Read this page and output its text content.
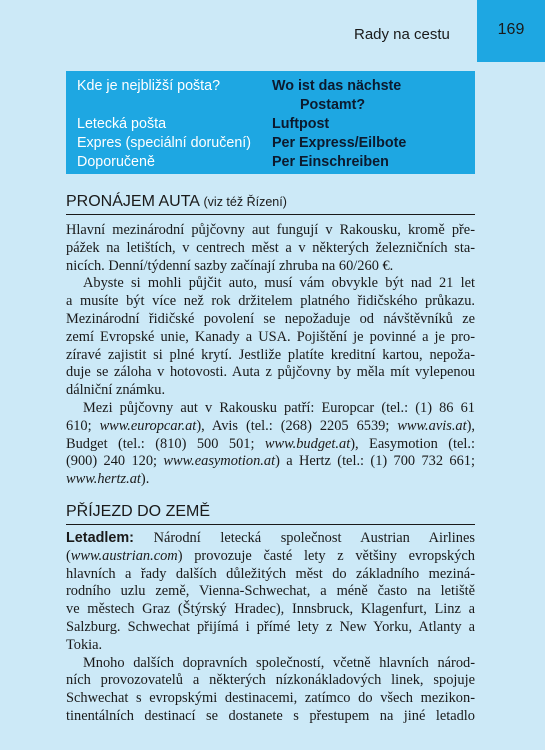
Rady na cestu	169
Kde je nejbližší pošta?	Wo ist das nächste
Postamt?
Letecká pošta	Luftpost
Expres (speciální doručení)	Per Express/Eilbote
Doporučeně	Per Einschreiben
PRONÁJEM AUTA (viz též Řízení)

Hlavní mezinárodní půjčovny aut fungují v Rakousku, kromě pře-
pážek na letištích, v centrech měst a v některých železničních sta-
nicích. Denní/týdenní sazby začínají zhruba na 60/260 €.

Abyste si mohli půjčit auto, musí vám obvykle být nad 21 let
a musíte být více než rok držitelem platného řidičského průkazu.
Mezinárodní řidičské povolení se nepožaduje od návštěvníků ze
zemí Evropské unie, Kanady a USA. Pojištění je povinné a je pro-
zíravé zajistit si plné krytí. Jestliže platíte kreditní kartou, nepoža-
duje se záloha v hotovosti. Auta z půjčovny by měla mít vylepenou
dálniční známku.

Mezi půjčovny aut v Rakousku patří: Europcar (tel.: (1) 86 61
610; www.europcar.at), Avis (tel.: (268) 2205 6539; www.avis.at),
Budget (tel.: (810) 500 501; www.budget.at), Easymotion (tel.:
(900) 240 120; www.easymotion.at) a Hertz (tel.: (1) 700 732 661;
www.hertz.at).

PŘÍJEZD DO ZEMĚ

Letadlem: Národní letecká společnost Austrian Airlines
(www.austrian.com) provozuje časté lety z většiny evropských
hlavních a řady dalších důležitých měst do základního meziná-
rodního uzlu země, Vienna-Schwechat, a méně často na letiště
ve městech Graz (Štýrský Hradec), Innsbruck, Klagenfurt, Linz a
Salzburg. Schwechat přijímá i přímé lety z New Yorku, Atlanty a
Tokia.

Mnoho dalších dopravních společností, včetně hlavních národ-
ních provozovatelů a některých nízkonákladových linek, spojuje
Schwechat s evropskými destinacemi, zatímco do všech mezikon-
tinentálních destinací se dostanete s přestupem na jiné letadlo
